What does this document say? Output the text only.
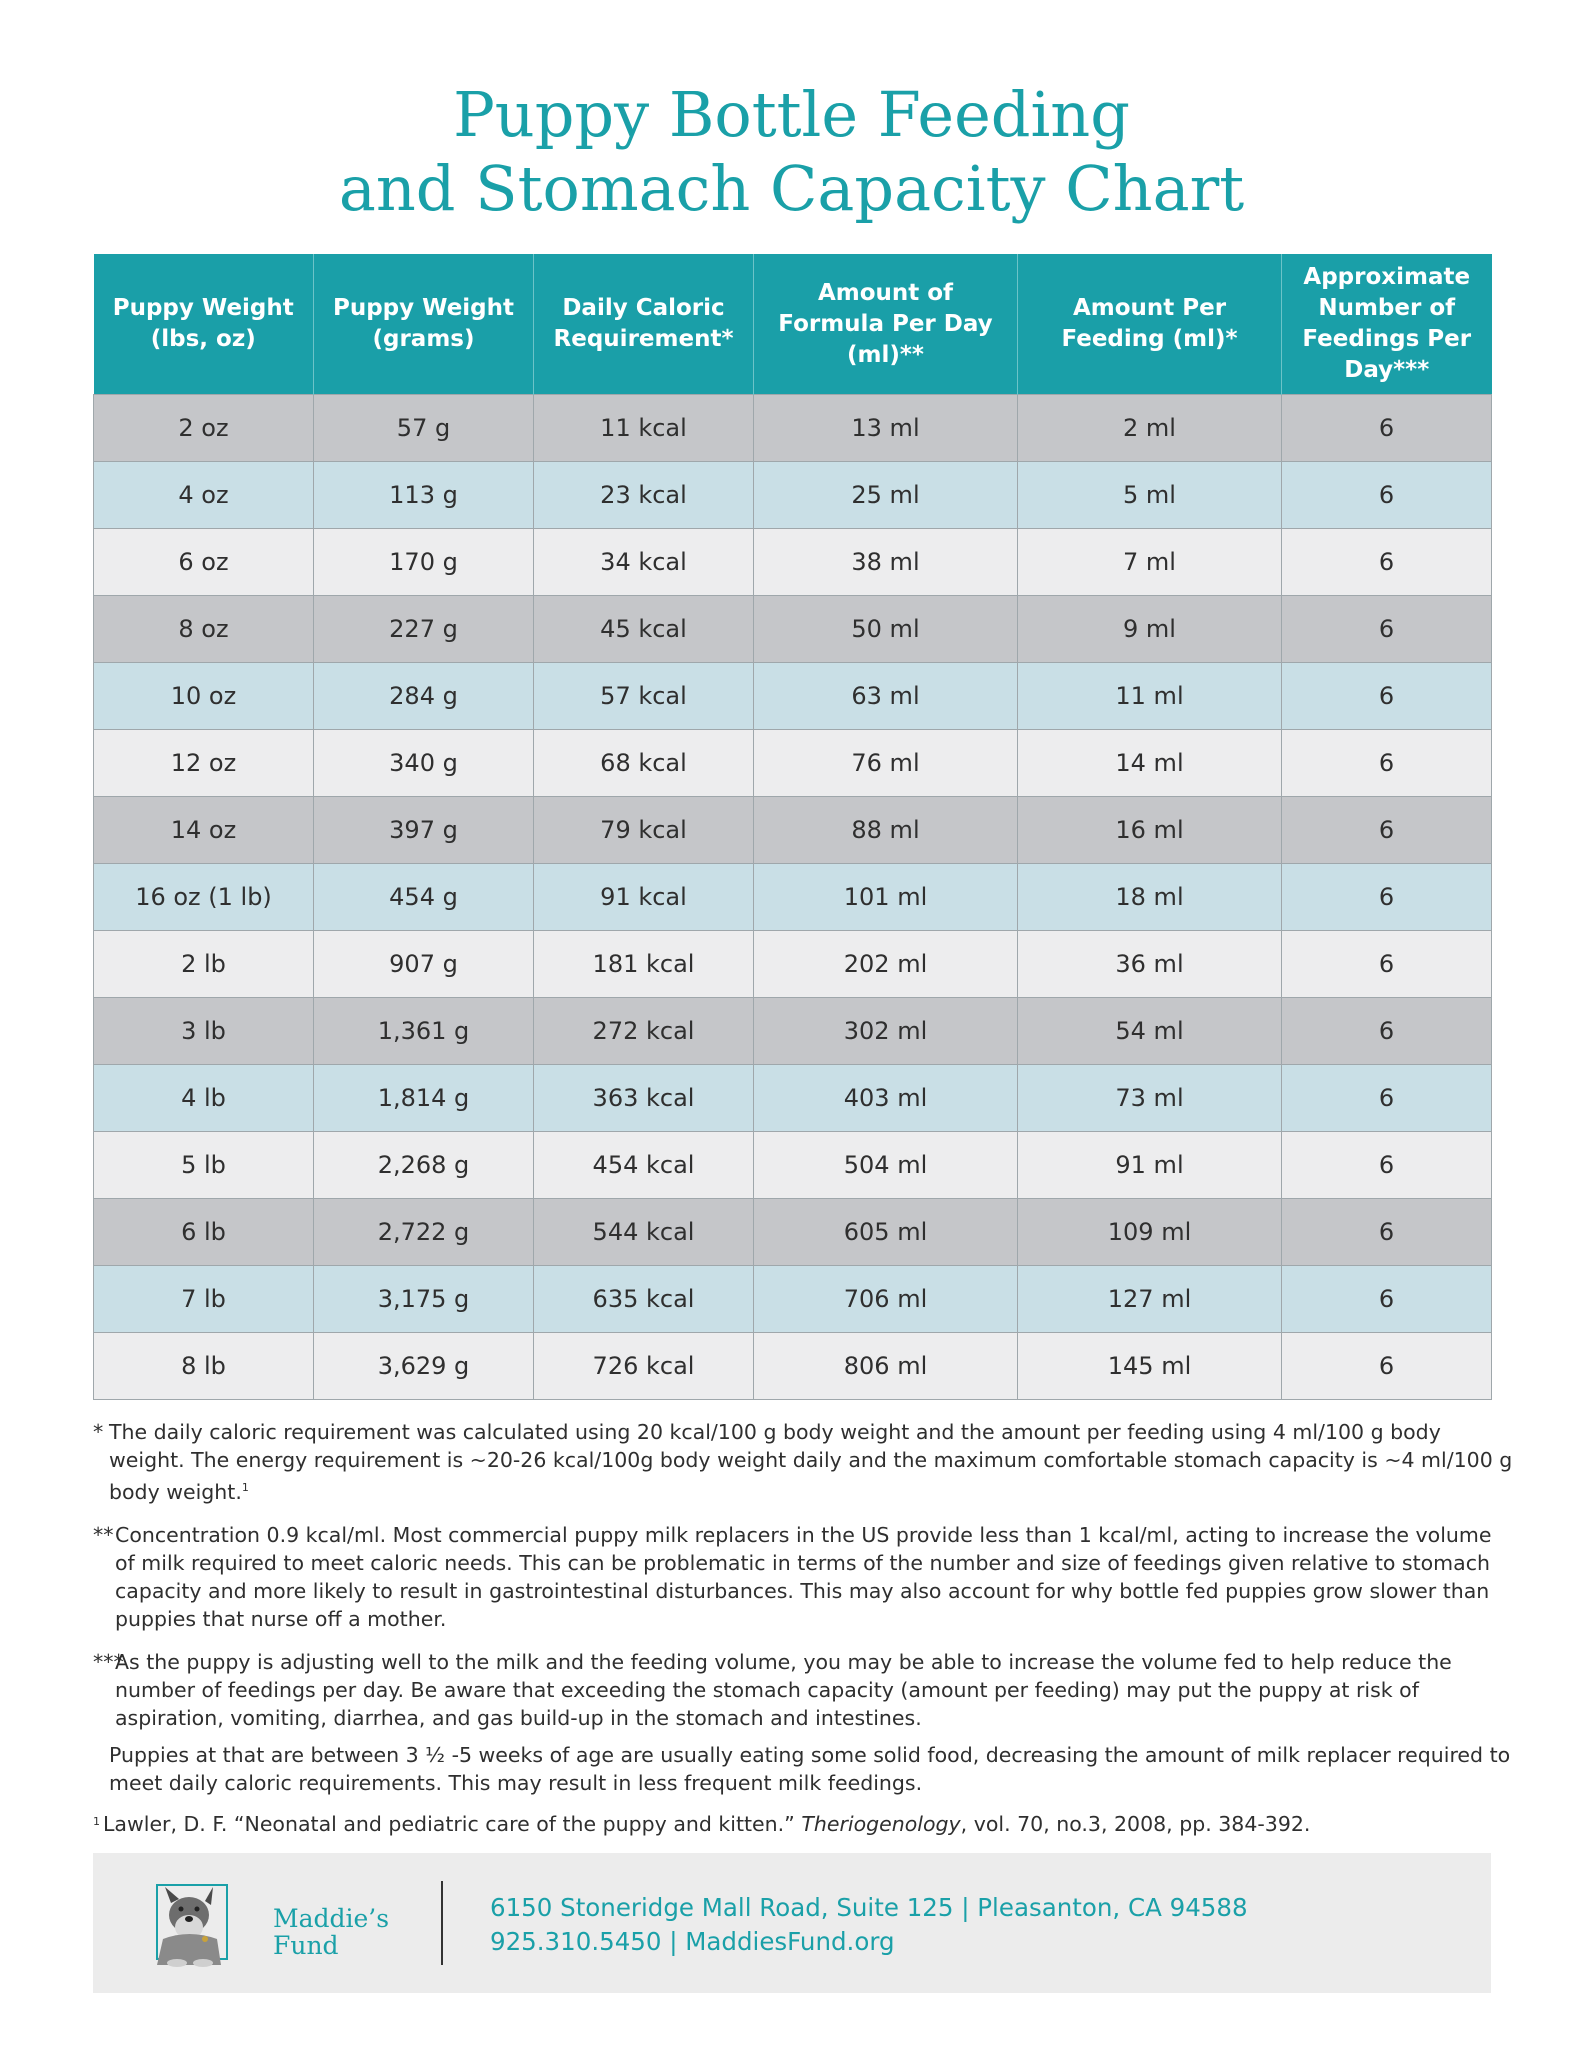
Puppy Bottle Feeding
and Stomach Capacity Chart
Puppy Weight (lbs, oz)	Puppy Weight (grams)	Daily Caloric Requirement*	Amount of Formula Per Day (ml)**	Amount Per Feeding (ml)*	Approximate Number of Feedings Per Day***
2 oz	57 g	11 kcal	13 ml	2 ml	6
4 oz	113 g	23 kcal	25 ml	5 ml	6
6 oz	170 g	34 kcal	38 ml	7 ml	6
8 oz	227 g	45 kcal	50 ml	9 ml	6
10 oz	284 g	57 kcal	63 ml	11 ml	6
12 oz	340 g	68 kcal	76 ml	14 ml	6
14 oz	397 g	79 kcal	88 ml	16 ml	6
16 oz (1 lb)	454 g	91 kcal	101 ml	18 ml	6
2 lb	907 g	181 kcal	202 ml	36 ml	6
3 lb	1,361 g	272 kcal	302 ml	54 ml	6
4 lb	1,814 g	363 kcal	403 ml	73 ml	6
5 lb	2,268 g	454 kcal	504 ml	91 ml	6
6 lb	2,722 g	544 kcal	605 ml	109 ml	6
7 lb	3,175 g	635 kcal	706 ml	127 ml	6
8 lb	3,629 g	726 kcal	806 ml	145 ml	6

* The daily caloric requirement was calculated using 20 kcal/100 g body weight and the amount per feeding using 4 ml/100 g body weight. The energy requirement is ~20-26 kcal/100g body weight daily and the maximum comfortable stomach capacity is ~4 ml/100 g body weight.$^1$

** Concentration 0.9 kcal/ml. Most commercial puppy milk replacers in the US provide less than 1 kcal/ml, acting to increase the volume of milk required to meet caloric needs. This can be problematic in terms of the number and size of feedings given relative to stomach capacity and more likely to result in gastrointestinal disturbances. This may also account for why bottle fed puppies grow slower than puppies that nurse off a mother.

***
As the puppy is adjusting well to the milk and the feeding volume, you may be able to increase the volume fed to help reduce the number of feedings per day. Be aware that exceeding the stomach capacity (amount per feeding) may put the puppy at risk of aspiration, vomiting, diarrhea, and gas build-up in the stomach and intestines.

Puppies at that are between 3 ½ -5 weeks of age are usually eating some solid food, decreasing the amount of milk replacer required to meet daily caloric requirements. This may result in less frequent milk feedings.

1 Lawler, D. F. “Neonatal and pediatric care of the puppy and kitten.” Theriogenology, vol. 70, no.3, 2008, pp. 384-392.

Maddie’s
Fund
6150 Stoneridge Mall Road, Suite 125 | Pleasanton, CA 94588
925.310.5450 | MaddiesFund.org
